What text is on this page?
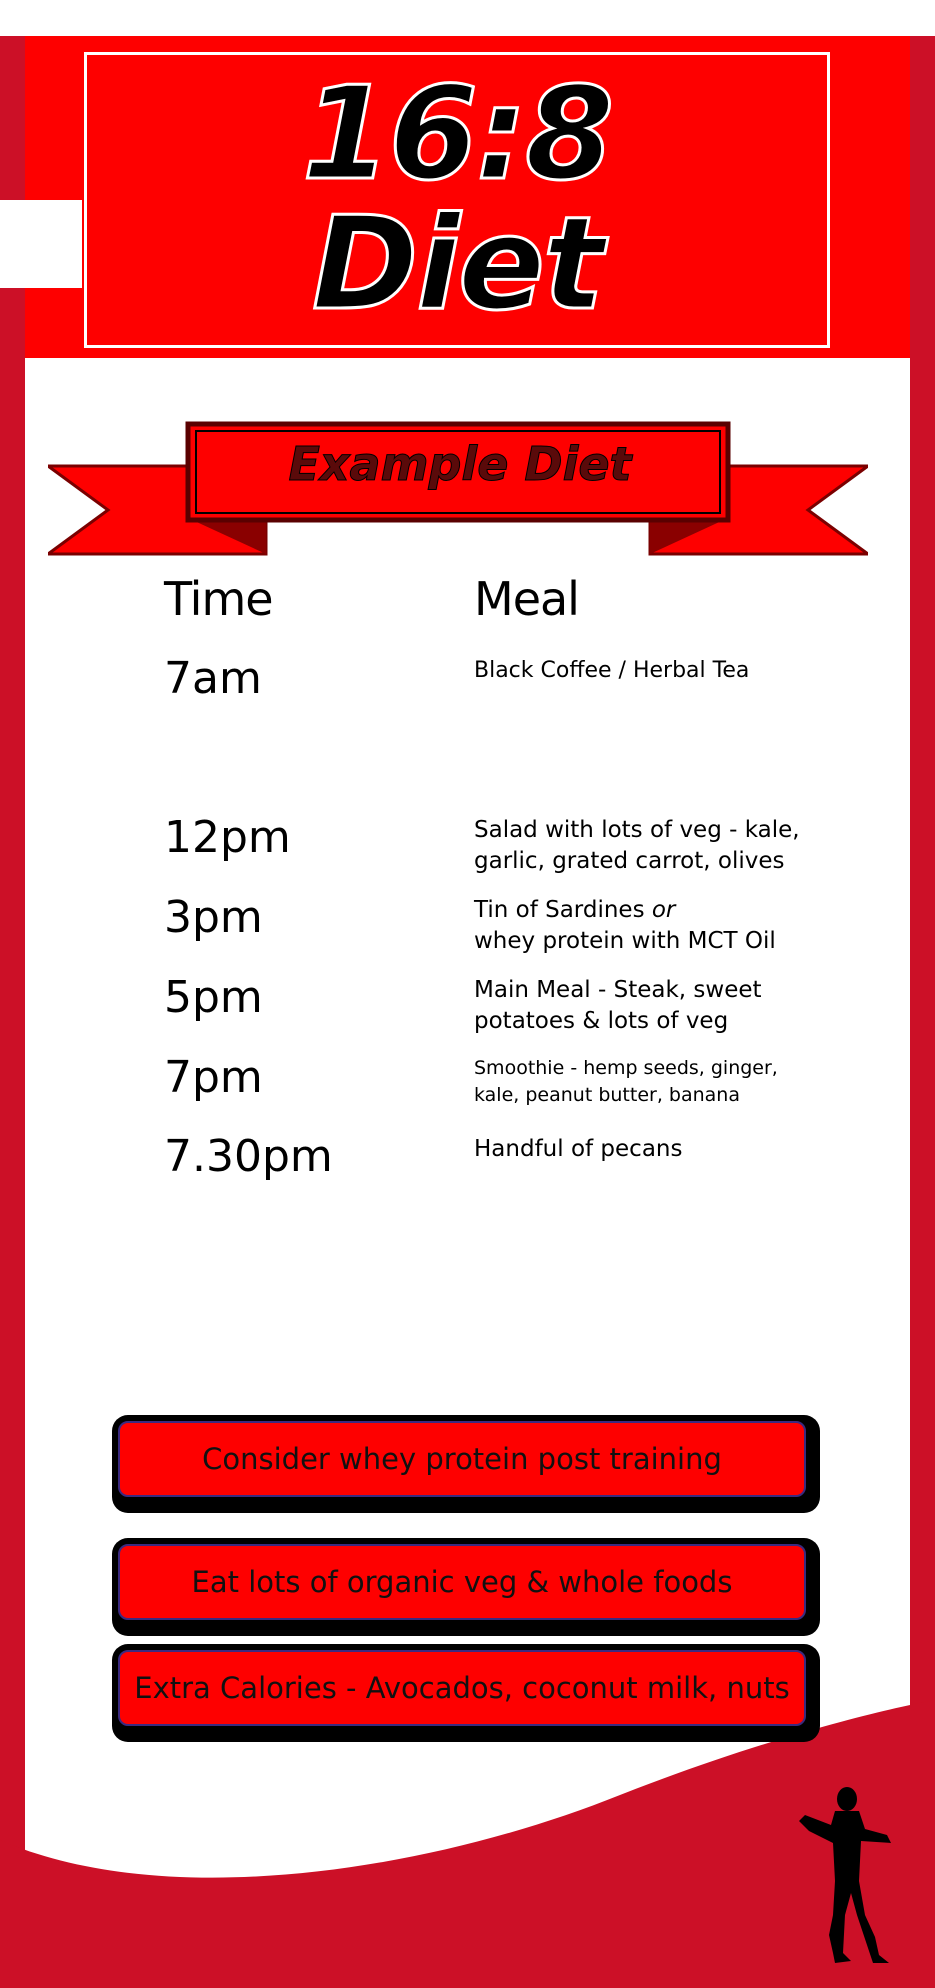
16:8
Diet
Example Diet
Time	Meal
7am	Black Coffee / Herbal Tea
12pm	Salad with lots of veg - kale, garlic, grated carrot, olives
3pm	Tin of Sardines or
whey protein with MCT Oil
5pm	Main Meal - Steak, sweet potatoes & lots of veg
7pm	Smoothie - hemp seeds, ginger, kale, peanut butter, banana
7.30pm	Handful of pecans
Consider whey protein post training
Eat lots of organic veg & whole foods
Extra Calories - Avocados, coconut milk, nuts
